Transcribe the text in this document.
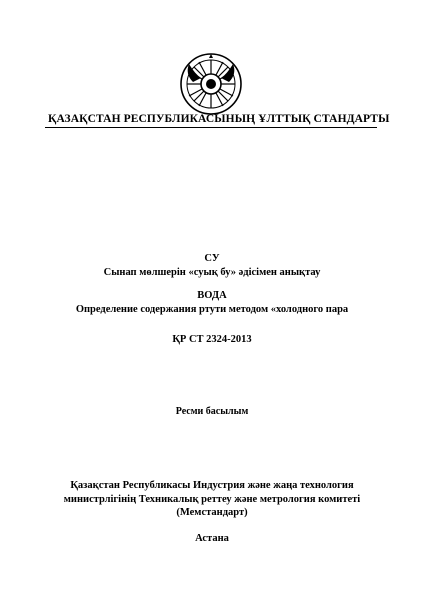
ҚАЗАҚСТАН РЕСПУБЛИКАСЫНЫҢ ҰЛТТЫҚ СТАНДАРТЫ
СУ
Сынап мөлшерін «суық бу» әдісімен анықтау
ВОДА
Определение содержания ртути методом «холодного пара
ҚР СТ 2324-2013
Ресми басылым
Қазақстан Республикасы Индустрия және жаңа технология
министрлігінің Техникалық реттеу және метрология комитеті
(Мемстандарт)
Астана
